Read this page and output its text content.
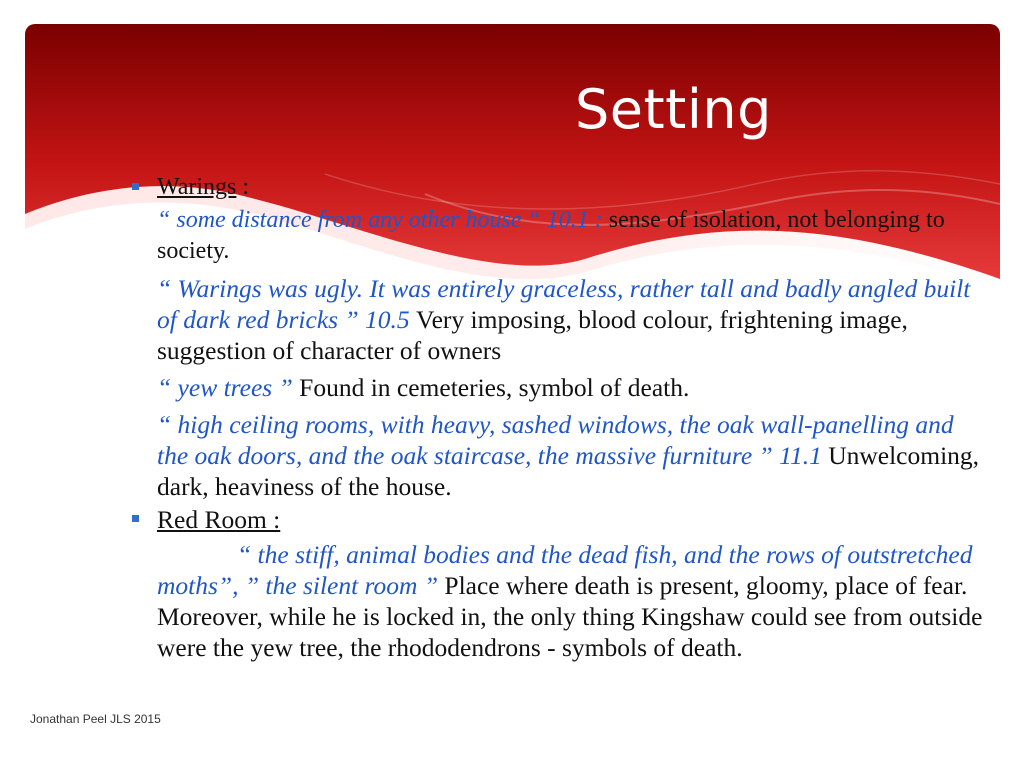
Setting
Warings :
“ some distance from any other house “ 10.1 : sense of isolation, not belonging to society.
“ Warings was ugly. It was entirely graceless, rather tall and badly angled built of dark red bricks ” 10.5 Very imposing, blood colour, frightening image, suggestion of character of owners
“ yew trees ” Found in cemeteries, symbol of death.
“ high ceiling rooms, with heavy, sashed windows, the oak wall-panelling and the oak doors, and the oak staircase, the massive furniture ” 11.1 Unwelcoming, dark, heaviness of the house.
Red Room :
“ the stiff, animal bodies and the dead fish, and the rows of outstretched moths”, ” the silent room ” Place where death is present, gloomy, place of fear. Moreover, while he is locked in, the only thing Kingshaw could see from outside were the yew tree, the rhododendrons - symbols of death.
Jonathan Peel JLS 2015
